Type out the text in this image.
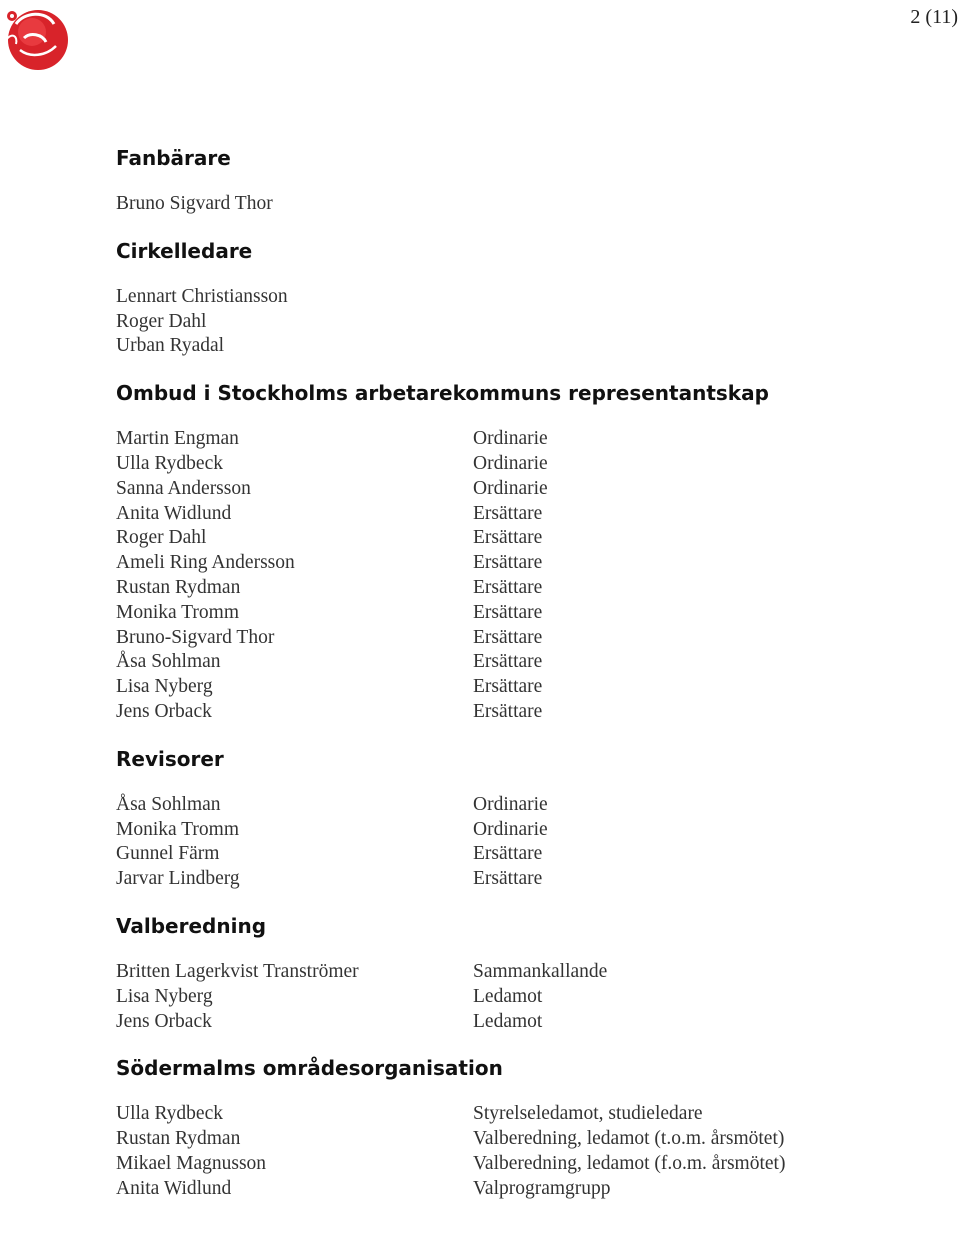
2 (11)
Fanbärare
Bruno Sigvard Thor
Cirkelledare
Lennart Christiansson
Roger Dahl
Urban Ryadal
Ombud i Stockholms arbetarekommuns representantskap
Martin Engman	Ordinarie
Ulla Rydbeck	Ordinarie
Sanna Andersson	Ordinarie
Anita Widlund	Ersättare
Roger Dahl	Ersättare
Ameli Ring Andersson	Ersättare
Rustan Rydman	Ersättare
Monika Tromm	Ersättare
Bruno-Sigvard Thor	Ersättare
Åsa Sohlman	Ersättare
Lisa Nyberg	Ersättare
Jens Orback	Ersättare
Revisorer
Åsa Sohlman	Ordinarie
Monika Tromm	Ordinarie
Gunnel Färm	Ersättare
Jarvar Lindberg	Ersättare
Valberedning
Britten Lagerkvist Tranströmer	Sammankallande
Lisa Nyberg	Ledamot
Jens Orback	Ledamot
Södermalms områdesorganisation
Ulla Rydbeck	Styrelseledamot, studieledare
Rustan Rydman	Valberedning, ledamot (t.o.m. årsmötet)
Mikael Magnusson	Valberedning, ledamot (f.o.m. årsmötet)
Anita Widlund	Valprogramgrupp
